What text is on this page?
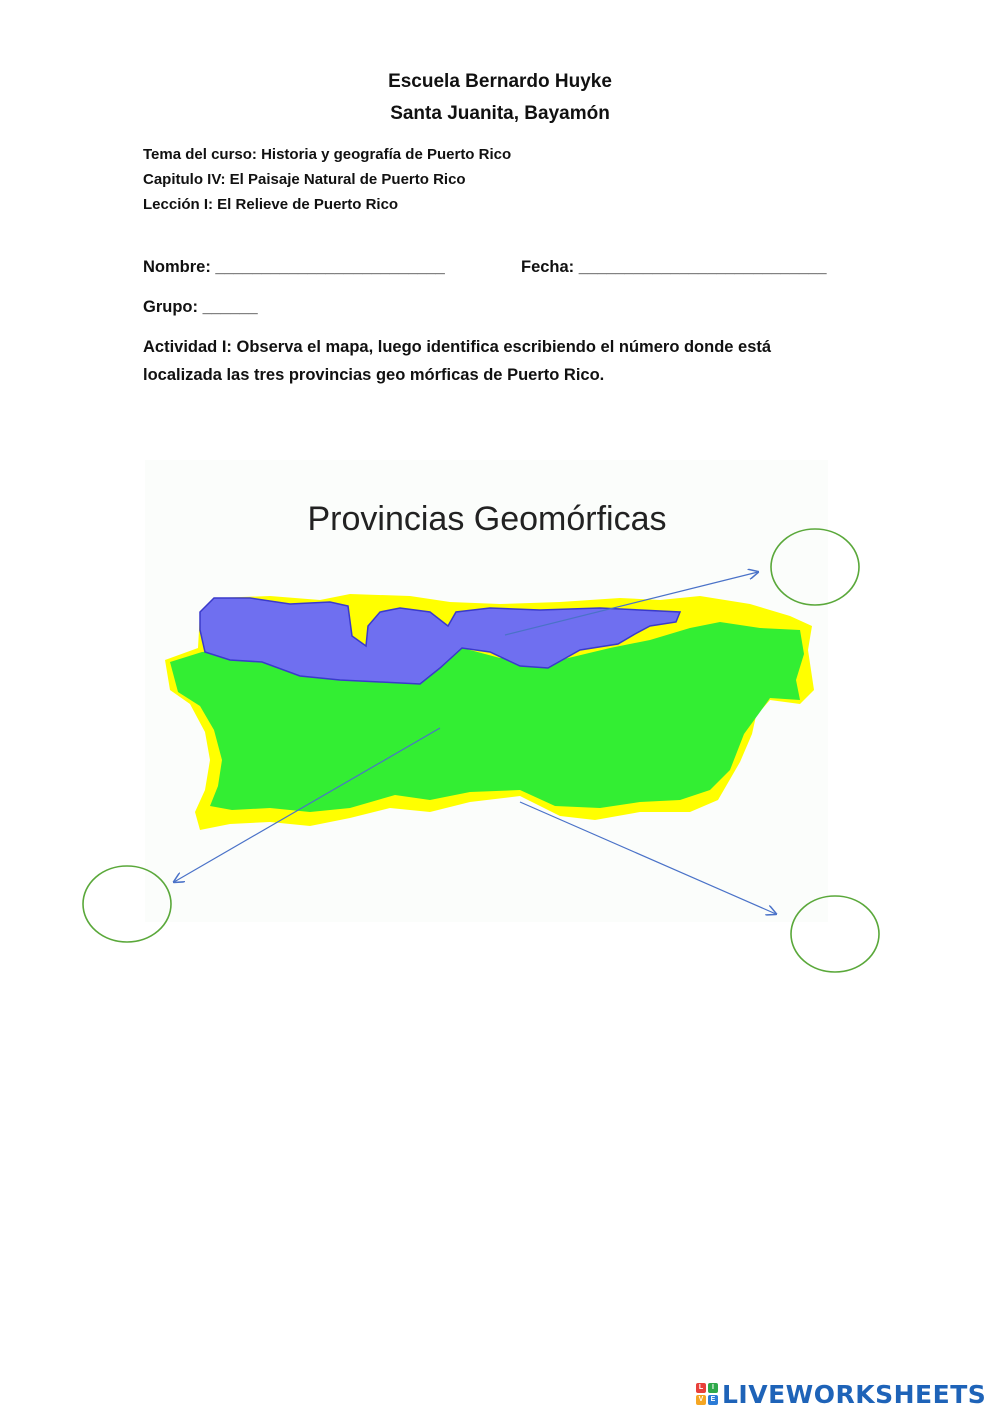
Escuela Bernardo Huyke
Santa Juanita, Bayamón
Tema del curso: Historia y geografía de Puerto Rico
Capitulo IV: El Paisaje Natural de Puerto Rico
Lección I: El Relieve de Puerto Rico
Nombre: _________________________	Fecha: ___________________________
Grupo: ______
Actividad I: Observa el mapa, luego identifica escribiendo el número donde está
localizada las tres provincias geo mórficas de Puerto Rico.
Provincias Geomórficas
L	I
V	E LIVEWORKSHEETS
